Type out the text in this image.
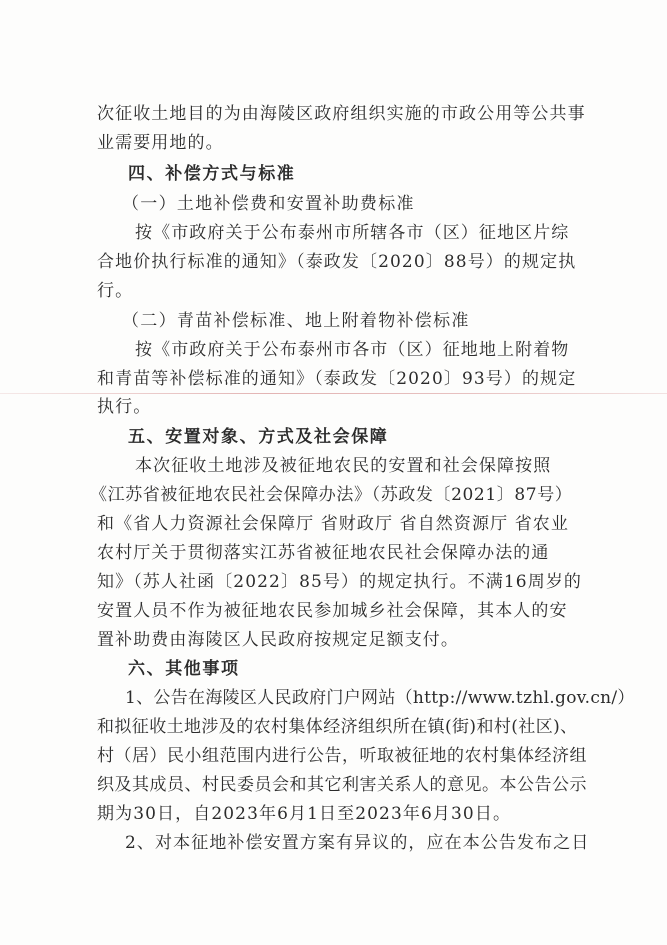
次征收土地目的为由海陵区政府组织实施的市政公用等公共事
业需要用地的。
四、补偿方式与标准
（一）土地补偿费和安置补助费标准
按《市政府关于公布泰州市所辖各市（区）征地区片综
合地价执行标准的通知》（泰政发〔2020〕88号）的规定执
行。
（二）青苗补偿标准、地上附着物补偿标准
按《市政府关于公布泰州市各市（区）征地地上附着物
和青苗等补偿标准的通知》（泰政发〔2020〕93号）的规定
执行。
五、安置对象、方式及社会保障
本次征收土地涉及被征地农民的安置和社会保障按照
《江苏省被征地农民社会保障办法》（苏政发〔2021〕87号）
和《省人力资源社会保障厅 省财政厅 省自然资源厅 省农业
农村厅关于贯彻落实江苏省被征地农民社会保障办法的通
知》（苏人社函〔2022〕85号）的规定执行。不满16周岁的
安置人员不作为被征地农民参加城乡社会保障，其本人的安
置补助费由海陵区人民政府按规定足额支付。
六、其他事项
1、公告在海陵区人民政府门户网站（http://www.tzhl.gov.cn/）
和拟征收土地涉及的农村集体经济组织所在镇(街)和村(社区)、
村（居）民小组范围内进行公告，听取被征地的农村集体经济组
织及其成员、村民委员会和其它利害关系人的意见。本公告公示
期为30日，自2023年6月1日至2023年6月30日。
2、对本征地补偿安置方案有异议的，应在本公告发布之日
